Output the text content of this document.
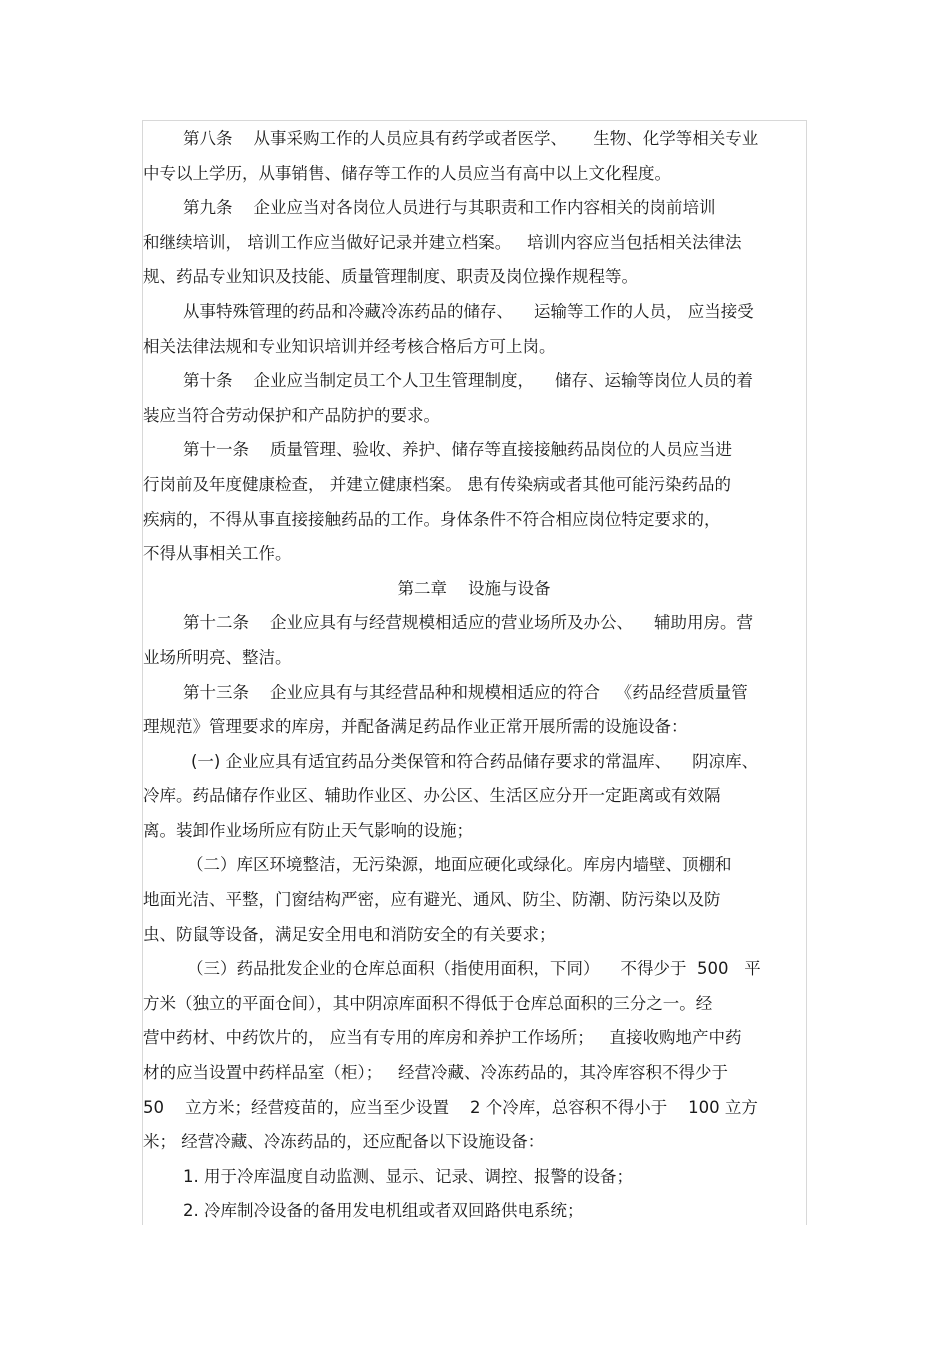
第八条    从事采购工作的人员应具有药学或者医学、     生物、化学等相关专业
中专以上学历，从事销售、储存等工作的人员应当有高中以上文化程度。
第九条    企业应当对各岗位人员进行与其职责和工作内容相关的岗前培训
和继续培训， 培训工作应当做好记录并建立档案。   培训内容应当包括相关法律法
规、药品专业知识及技能、质量管理制度、职责及岗位操作规程等。
从事特殊管理的药品和冷藏冷冻药品的储存、    运输等工作的人员， 应当接受
相关法律法规和专业知识培训并经考核合格后方可上岗。
第十条    企业应当制定员工个人卫生管理制度，    储存、运输等岗位人员的着
装应当符合劳动保护和产品防护的要求。
第十一条    质量管理、验收、养护、储存等直接接触药品岗位的人员应当进
行岗前及年度健康检查， 并建立健康档案。 患有传染病或者其他可能污染药品的
疾病的，不得从事直接接触药品的工作。身体条件不符合相应岗位特定要求的，
不得从事相关工作。
第二章    设施与设备
第十二条    企业应具有与经营规模相适应的营业场所及办公、    辅助用房。营
业场所明亮、整洁。
第十三条    企业应具有与其经营品种和规模相适应的符合   《药品经营质量管
理规范》管理要求的库房，并配备满足药品作业正常开展所需的设施设备：
(一) 企业应具有适宜药品分类保管和符合药品储存要求的常温库、    阴凉库、
冷库。药品储存作业区、辅助作业区、办公区、生活区应分开一定距离或有效隔
离。装卸作业场所应有防止天气影响的设施；
（二）库区环境整洁，无污染源，地面应硬化或绿化。库房内墙壁、顶棚和
地面光洁、平整，门窗结构严密，应有避光、通风、防尘、防潮、防污染以及防
虫、防鼠等设备，满足安全用电和消防安全的有关要求；
（三）药品批发企业的仓库总面积（指使用面积，下同）    不得少于  500   平
方米（独立的平面仓间），其中阴凉库面积不得低于仓库总面积的三分之一。经
营中药材、中药饮片的， 应当有专用的库房和养护工作场所；   直接收购地产中药
材的应当设置中药样品室（柜）；   经营冷藏、冷冻药品的，其冷库容积不得少于
50    立方米；经营疫苗的，应当至少设置    2 个冷库，总容积不得小于    100 立方
米； 经营冷藏、冷冻药品的，还应配备以下设施设备：
1. 用于冷库温度自动监测、显示、记录、调控、报警的设备；
2. 冷库制冷设备的备用发电机组或者双回路供电系统；
